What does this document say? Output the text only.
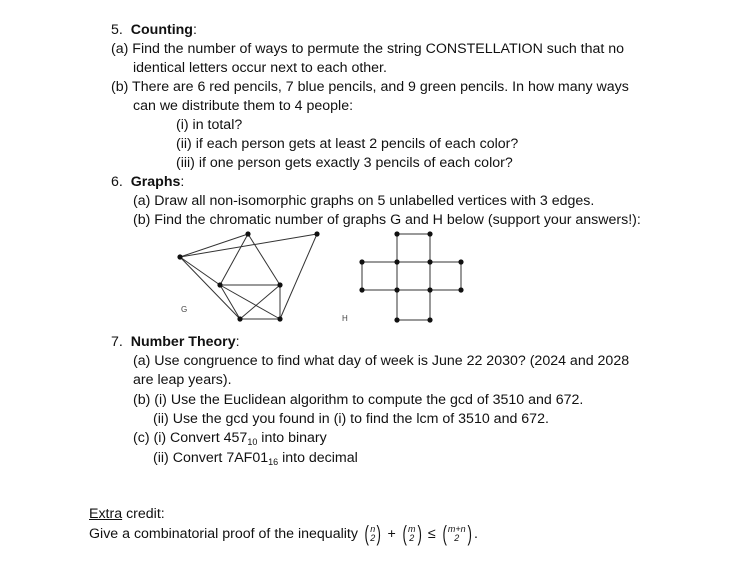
5. Counting:
(a) Find the number of ways to permute the string CONSTELLATION such that no
identical letters occur next to each other.
(b) There are 6 red pencils, 7 blue pencils, and 9 green pencils. In how many ways
can we distribute them to 4 people:
(i) in total?
(ii) if each person gets at least 2 pencils of each color?
(iii) if one person gets exactly 3 pencils of each color?
6. Graphs:
(a) Draw all non-isomorphic graphs on 5 unlabelled vertices with 3 edges.
(b) Find the chromatic number of graphs G and H below (support your answers!):
G
H
7. Number Theory:
(a) Use congruence to find what day of week is June 22 2030? (2024 and 2028
are leap years).
(b) (i) Use the Euclidean algorithm to compute the gcd of 3510 and 672.
(ii) Use the gcd you found in (i) to find the lcm of 3510 and 672.
(c) (i) Convert $457_{10}$ into binary
(ii) Convert $7AF01_{16}$ into decimal
Extra credit:
Give a combinatorial proof of the inequality ( n
2 ) + ( m
2 ) ≤ ( m+n
2 ) .
